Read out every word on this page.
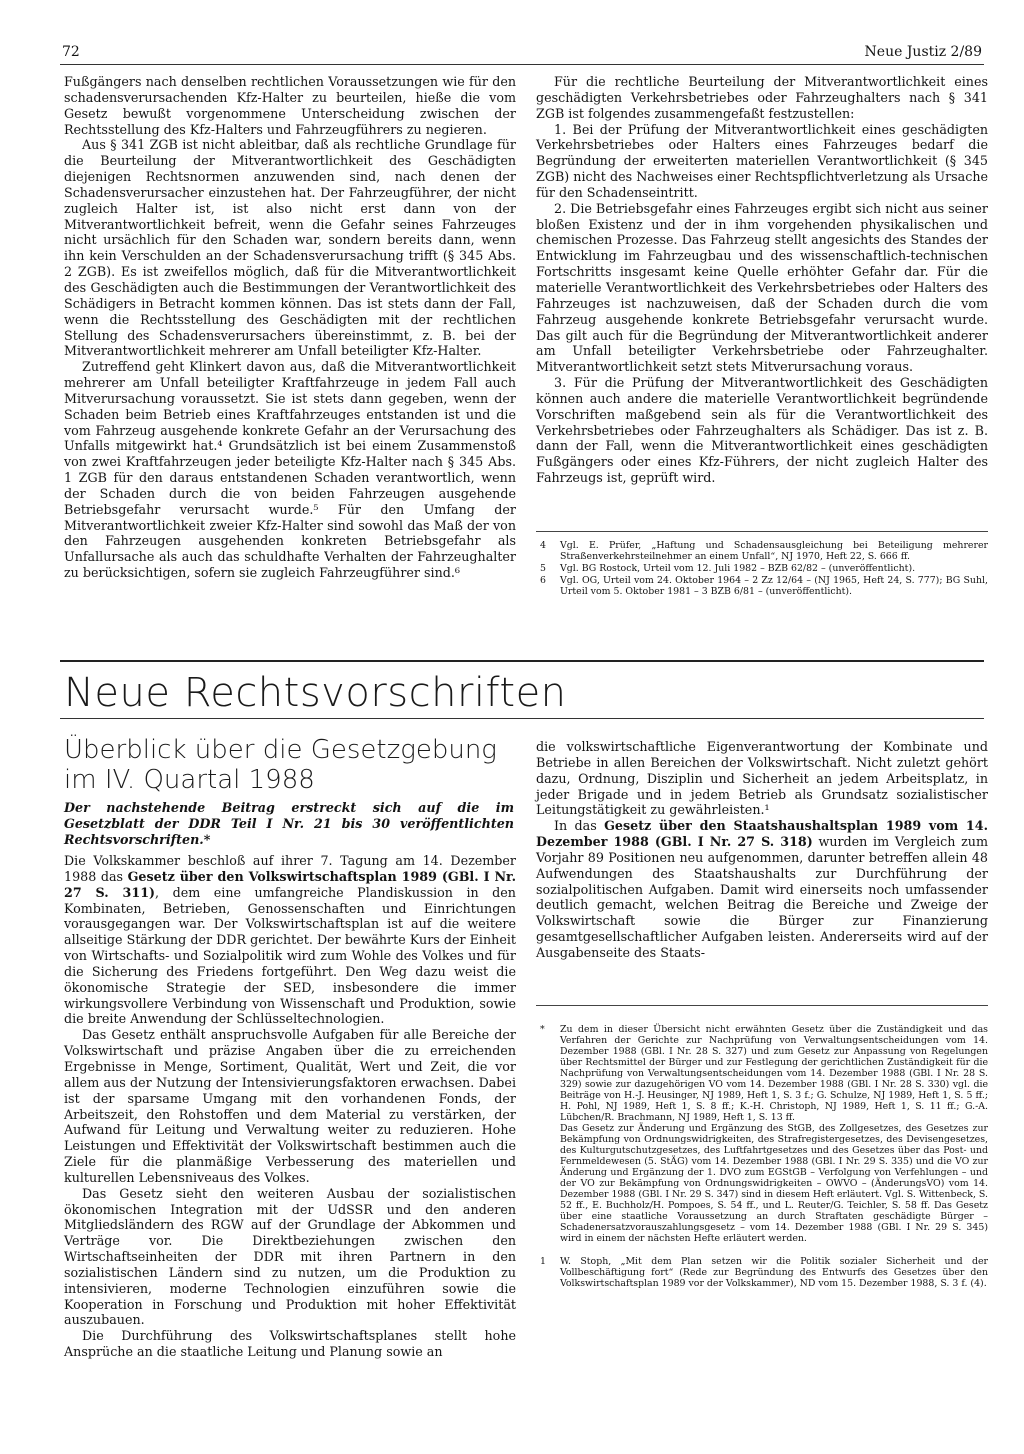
72	Neue Justiz 2/89

Fußgängers nach denselben rechtlichen Voraussetzungen wie für den schadensverursachenden Kfz-Halter zu beurteilen, hieße die vom Gesetz bewußt vorgenommene Unterscheidung zwischen der Rechtsstellung des Kfz-Halters und Fahrzeugführers zu negieren.

Aus § 341 ZGB ist nicht ableitbar, daß als rechtliche Grundlage für die Beurteilung der Mitverantwortlichkeit des Geschädigten diejenigen Rechtsnormen anzuwenden sind, nach denen der Schadensverursacher einzustehen hat. Der Fahrzeugführer, der nicht zugleich Halter ist, ist also nicht erst dann von der Mitverantwortlichkeit befreit, wenn die Gefahr seines Fahrzeuges nicht ursächlich für den Schaden war, sondern bereits dann, wenn ihn kein Verschulden an der Schadensverursachung trifft (§ 345 Abs. 2 ZGB). Es ist zweifellos möglich, daß für die Mitverantwortlichkeit des Geschädigten auch die Bestimmungen der Verantwortlichkeit des Schädigers in Betracht kommen können. Das ist stets dann der Fall, wenn die Rechtsstellung des Geschädigten mit der rechtlichen Stellung des Schadensverursachers übereinstimmt, z. B. bei der Mitverantwortlichkeit mehrerer am Unfall beteiligter Kfz-Halter.

Zutreffend geht Klinkert davon aus, daß die Mitverantwortlichkeit mehrerer am Unfall beteiligter Kraftfahrzeuge in jedem Fall auch Mitverursachung voraussetzt. Sie ist stets dann gegeben, wenn der Schaden beim Betrieb eines Kraftfahrzeuges entstanden ist und die vom Fahrzeug ausgehende konkrete Gefahr an der Verursachung des Unfalls mitgewirkt hat.⁴ Grundsätzlich ist bei einem Zusammenstoß von zwei Kraftfahrzeugen jeder beteiligte Kfz-Halter nach § 345 Abs. 1 ZGB für den daraus entstandenen Schaden verantwortlich, wenn der Schaden durch die von beiden Fahrzeugen ausgehende Betriebsgefahr verursacht wurde.⁵ Für den Umfang der Mitverantwortlichkeit zweier Kfz-Halter sind sowohl das Maß der von den Fahrzeugen ausgehenden konkreten Betriebsgefahr als Unfallursache als auch das schuldhafte Verhalten der Fahrzeughalter zu berücksichtigen, sofern sie zugleich Fahrzeugführer sind.⁶

Für die rechtliche Beurteilung der Mitverantwortlichkeit eines geschädigten Verkehrsbetriebes oder Fahrzeughalters nach § 341 ZGB ist folgendes zusammengefaßt festzustellen:

1. Bei der Prüfung der Mitverantwortlichkeit eines geschädigten Verkehrsbetriebes oder Halters eines Fahrzeuges bedarf die Begründung der erweiterten materiellen Verantwortlichkeit (§ 345 ZGB) nicht des Nachweises einer Rechtspflichtverletzung als Ursache für den Schadenseintritt.

2. Die Betriebsgefahr eines Fahrzeuges ergibt sich nicht aus seiner bloßen Existenz und der in ihm vorgehenden physikalischen und chemischen Prozesse. Das Fahrzeug stellt angesichts des Standes der Entwicklung im Fahrzeugbau und des wissenschaftlich-technischen Fortschritts insgesamt keine Quelle erhöhter Gefahr dar. Für die materielle Verantwortlichkeit des Verkehrsbetriebes oder Halters des Fahrzeuges ist nachzuweisen, daß der Schaden durch die vom Fahrzeug ausgehende konkrete Betriebsgefahr verursacht wurde. Das gilt auch für die Begründung der Mitverantwortlichkeit anderer am Unfall beteiligter Verkehrsbetriebe oder Fahrzeughalter. Mitverantwortlichkeit setzt stets Mitverursachung voraus.

3. Für die Prüfung der Mitverantwortlichkeit des Geschädigten können auch andere die materielle Verantwortlichkeit begründende Vorschriften maßgebend sein als für die Verantwortlichkeit des Verkehrsbetriebes oder Fahrzeughalters als Schädiger. Das ist z. B. dann der Fall, wenn die Mitverantwortlichkeit eines geschädigten Fußgängers oder eines Kfz-Führers, der nicht zugleich Halter des Fahrzeugs ist, geprüft wird.

4	Vgl. E. Prüfer, „Haftung und Schadensausgleichung bei Beteiligung mehrerer Straßenverkehrsteilnehmer an einem Unfall“, NJ 1970, Heft 22, S. 666 ff.
5	Vgl. BG Rostock, Urteil vom 12. Juli 1982 – BZB 62/82 – (unveröffentlicht).
6	Vgl. OG, Urteil vom 24. Oktober 1964 – 2 Zz 12/64 – (NJ 1965, Heft 24, S. 777); BG Suhl, Urteil vom 5. Oktober 1981 – 3 BZB 6/81 – (unveröffentlicht).
Neue Rechtsvorschriften
Überblick über die Gesetzgebung
im IV. Quartal 1988
Der nachstehende Beitrag erstreckt sich auf die im Gesetzblatt der DDR Teil I Nr. 21 bis 30 veröffentlichten Rechtsvorschriften.*

Die Volkskammer beschloß auf ihrer 7. Tagung am 14. Dezember 1988 das Gesetz über den Volkswirtschaftsplan 1989 (GBl. I Nr. 27 S. 311), dem eine umfangreiche Plandiskussion in den Kombinaten, Betrieben, Genossenschaften und Einrichtungen vorausgegangen war. Der Volkswirtschaftsplan ist auf die weitere allseitige Stärkung der DDR gerichtet. Der bewährte Kurs der Einheit von Wirtschafts- und Sozialpolitik wird zum Wohle des Volkes und für die Sicherung des Friedens fortgeführt. Den Weg dazu weist die ökonomische Strategie der SED, insbesondere die immer wirkungsvollere Verbindung von Wissenschaft und Produktion, sowie die breite Anwendung der Schlüsseltechnologien.

Das Gesetz enthält anspruchsvolle Aufgaben für alle Bereiche der Volkswirtschaft und präzise Angaben über die zu erreichenden Ergebnisse in Menge, Sortiment, Qualität, Wert und Zeit, die vor allem aus der Nutzung der Intensivierungsfaktoren erwachsen. Dabei ist der sparsame Umgang mit den vorhandenen Fonds, der Arbeitszeit, den Rohstoffen und dem Material zu verstärken, der Aufwand für Leitung und Verwaltung weiter zu reduzieren. Hohe Leistungen und Effektivität der Volkswirtschaft bestimmen auch die Ziele für die planmäßige Verbesserung des materiellen und kulturellen Lebensniveaus des Volkes.

Das Gesetz sieht den weiteren Ausbau der sozialistischen ökonomischen Integration mit der UdSSR und den anderen Mitgliedsländern des RGW auf der Grundlage der Abkommen und Verträge vor. Die Direktbeziehungen zwischen den Wirtschaftseinheiten der DDR mit ihren Partnern in den sozialistischen Ländern sind zu nutzen, um die Produktion zu intensivieren, moderne Technologien einzuführen sowie die Kooperation in Forschung und Produktion mit hoher Effektivität auszubauen.

Die Durchführung des Volkswirtschaftsplanes stellt hohe Ansprüche an die staatliche Leitung und Planung sowie an

die volkswirtschaftliche Eigenverantwortung der Kombinate und Betriebe in allen Bereichen der Volkswirtschaft. Nicht zuletzt gehört dazu, Ordnung, Disziplin und Sicherheit an jedem Arbeitsplatz, in jeder Brigade und in jedem Betrieb als Grundsatz sozialistischer Leitungstätigkeit zu gewährleisten.¹

In das Gesetz über den Staatshaushaltsplan 1989 vom 14. Dezember 1988 (GBl. I Nr. 27 S. 318) wurden im Vergleich zum Vorjahr 89 Positionen neu aufgenommen, darunter betreffen allein 48 Aufwendungen des Staatshaushalts zur Durchführung der sozialpolitischen Aufgaben. Damit wird einerseits noch umfassender deutlich gemacht, welchen Beitrag die Bereiche und Zweige der Volkswirtschaft sowie die Bürger zur Finanzierung gesamtgesellschaftlicher Aufgaben leisten. Andererseits wird auf der Ausgabenseite des Staats-

*	Zu dem in dieser Übersicht nicht erwähnten Gesetz über die Zuständigkeit und das Verfahren der Gerichte zur Nachprüfung von Verwaltungsentscheidungen vom 14. Dezember 1988 (GBl. I Nr. 28 S. 327) und zum Gesetz zur Anpassung von Regelungen über Rechtsmittel der Bürger und zur Festlegung der gerichtlichen Zuständigkeit für die Nachprüfung von Verwaltungsentscheidungen vom 14. Dezember 1988 (GBl. I Nr. 28 S. 329) sowie zur dazugehörigen VO vom 14. Dezember 1988 (GBl. I Nr. 28 S. 330) vgl. die Beiträge von H.-J. Heusinger, NJ 1989, Heft 1, S. 3 f.; G. Schulze, NJ 1989, Heft 1, S. 5 ff.; H. Pohl, NJ 1989, Heft 1, S. 8 ff.; K.-H. Christoph, NJ 1989, Heft 1, S. 11 ff.; G.-A. Lübchen/R. Brachmann, NJ 1989, Heft 1, S. 13 ff.
Das Gesetz zur Änderung und Ergänzung des StGB, des Zollgesetzes, des Gesetzes zur Bekämpfung von Ordnungswidrigkeiten, des Strafregistergesetzes, des Devisengesetzes, des Kulturgutschutzgesetzes, des Luftfahrtgesetzes und des Gesetzes über das Post- und Fernmeldewesen (5. StÄG) vom 14. Dezember 1988 (GBl. I Nr. 29 S. 335) und die VO zur Änderung und Ergänzung der 1. DVO zum EGStGB – Verfolgung von Verfehlungen – und der VO zur Bekämpfung von Ordnungswidrigkeiten – OWVO – (ÄnderungsVO) vom 14. Dezember 1988 (GBl. I Nr. 29 S. 347) sind in diesem Heft erläutert. Vgl. S. Wittenbeck, S. 52 ff., E. Buchholz/H. Pompoes, S. 54 ff., und L. Reuter/G. Teichler, S. 58 ff. Das Gesetz über eine staatliche Voraussetzung an durch Straftaten geschädigte Bürger – Schadenersatzvorauszahlungsgesetz – vom 14. Dezember 1988 (GBl. I Nr. 29 S. 345) wird in einem der nächsten Hefte erläutert werden.

1	W. Stoph, „Mit dem Plan setzen wir die Politik sozialer Sicherheit und der Vollbeschäftigung fort“ (Rede zur Begründung des Entwurfs des Gesetzes über den Volkswirtschaftsplan 1989 vor der Volkskammer), ND vom 15. Dezember 1988, S. 3 f. (4).
